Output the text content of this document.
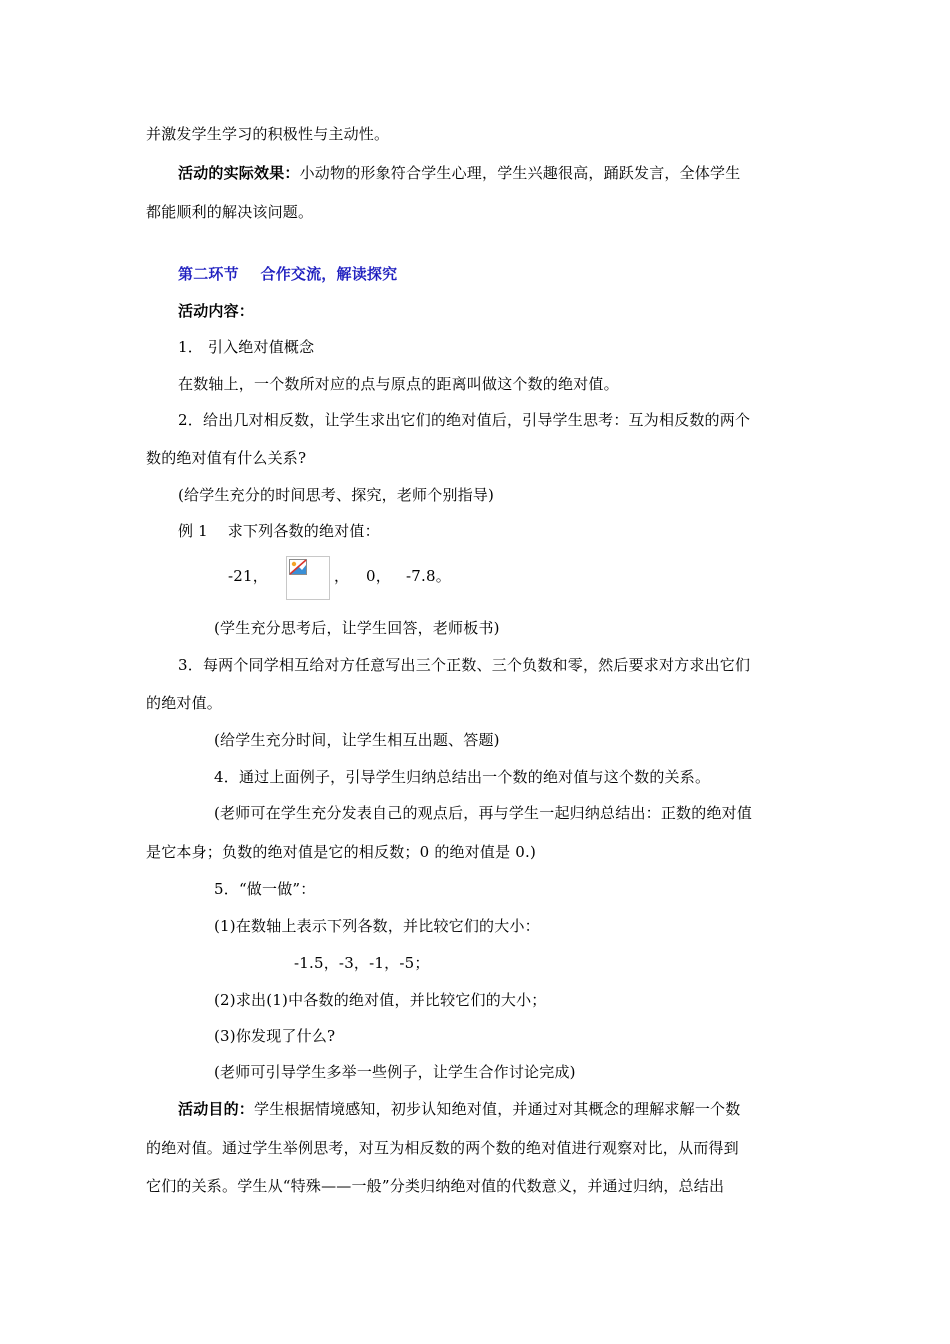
并激发学生学习的积极性与主动性。
活动的实际效果：小动物的形象符合学生心理，学生兴趣很高，踊跃发言，全体学生
都能顺利的解决该问题。
第二环节    合作交流，解读探究
活动内容：
1． 引入绝对值概念
在数轴上，一个数所对应的点与原点的距离叫做这个数的绝对值。
2．给出几对相反数，让学生求出它们的绝对值后，引导学生思考：互为相反数的两个
数的绝对值有什么关系?
(给学生充分的时间思考、探究，老师个别指导)
例 1    求下列各数的绝对值：
-21，	， 0， -7.8。
(学生充分思考后，让学生回答，老师板书)
3．每两个同学相互给对方任意写出三个正数、三个负数和零，然后要求对方求出它们
的绝对值。
(给学生充分时间，让学生相互出题、答题)
4．通过上面例子，引导学生归纳总结出一个数的绝对值与这个数的关系。
(老师可在学生充分发表自己的观点后，再与学生一起归纳总结出：正数的绝对值
是它本身；负数的绝对值是它的相反数；0 的绝对值是 0.)
5．“做一做”：
(1)在数轴上表示下列各数，并比较它们的大小：
-1.5，-3，-1，-5；
(2)求出(1)中各数的绝对值，并比较它们的大小；
(3)你发现了什么?
(老师可引导学生多举一些例子，让学生合作讨论完成)
活动目的：学生根据情境感知，初步认知绝对值，并通过对其概念的理解求解一个数
的绝对值。通过学生举例思考，对互为相反数的两个数的绝对值进行观察对比，从而得到
它们的关系。学生从“特殊——一般”分类归纳绝对值的代数意义，并通过归纳，总结出
